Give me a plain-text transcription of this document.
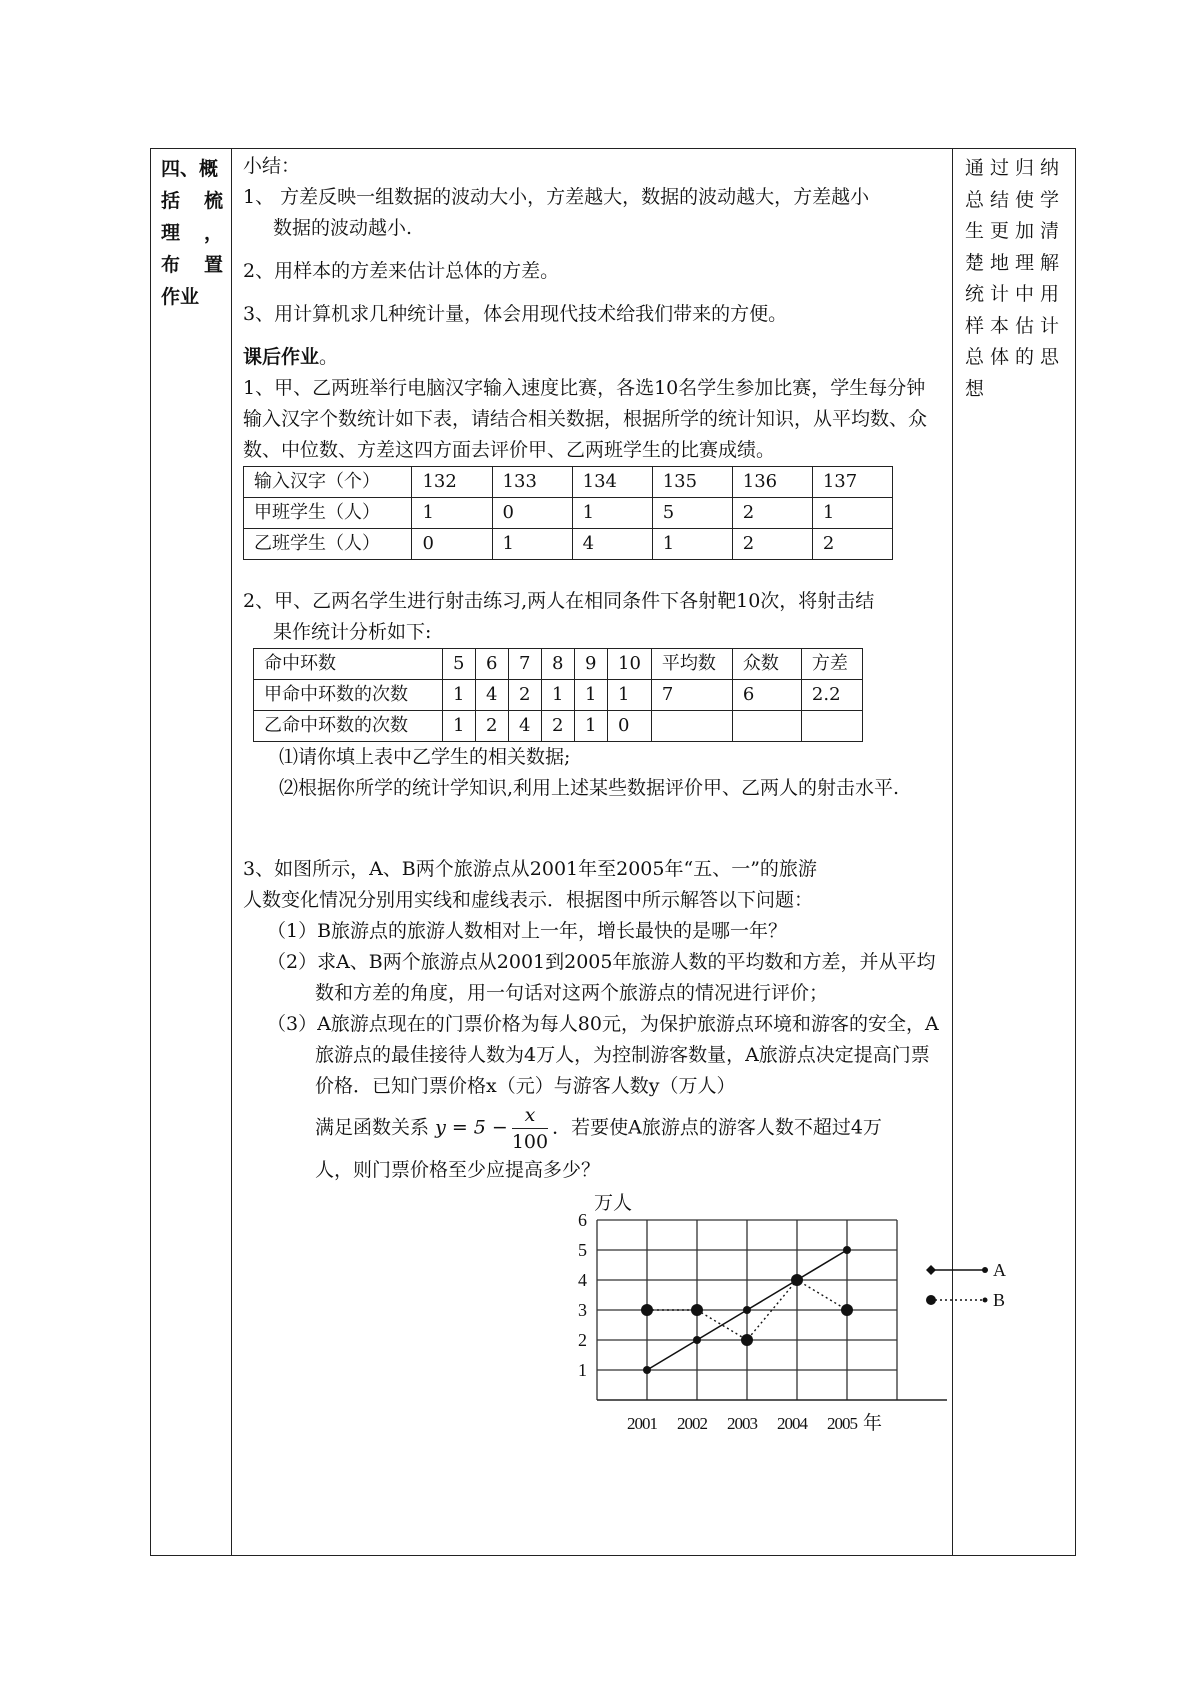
四、概
括 梳
理 ，
布 置
作业
通过归纳
总结使学
生更加清
楚地理解
统计中用
样本估计
总体的思
想

小结：

1、 方差反映一组数据的波动大小，方差越大，数据的波动越大，方差越小

数据的波动越小.

2、用样本的方差来估计总体的方差。

3、用计算机求几种统计量，体会用现代技术给我们带来的方便。

课后作业。

1、甲、乙两班举行电脑汉字输入速度比赛，各选10名学生参加比赛，学生每分钟输入汉字个数统计如下表，请结合相关数据，根据所学的统计知识，从平均数、众数、中位数、方差这四方面去评价甲、乙两班学生的比赛成绩。

输入汉字（个）	132	133	134	135	136	137
甲班学生（人）	1	0	1	5	2	1
乙班学生（人）	0	1	4	1	2	2

2、甲、乙两名学生进行射击练习,两人在相同条件下各射靶10次，将射击结

果作统计分析如下:

命中环数	5	6	7	8	9	10	平均数	众数	方差
甲命中环数的次数	1	4	2	1	1	1	7	6	2.2
乙命中环数的次数	1	2	4	2	1	0			

⑴请你填上表中乙学生的相关数据;

⑵根据你所学的统计学知识,利用上述某些数据评价甲、乙两人的射击水平.

3、如图所示，A、B两个旅游点从2001年至2005年“五、一”的旅游

人数变化情况分别用实线和虚线表示．根据图中所示解答以下问题：

（1）B旅游点的旅游人数相对上一年，增长最快的是哪一年？

（2）求A、B两个旅游点从2001到2005年旅游人数的平均数和方差，并从平均数和方差的角度，用一句话对这两个旅游点的情况进行评价；

（3）A旅游点现在的门票价格为每人80元，为保护旅游点环境和游客的安全，A旅游点的最佳接待人数为4万人，为控制游客数量，A旅游点决定提高门票价格．已知门票价格x（元）与游客人数y（万人）

满足函数关系 $y = 5 - \frac{x}{100}$ ．若要使A旅游点的游客人数不超过4万

人，则门票价格至少应提高多少？

1
2
3
4
5
6
2001 2002 2003 2004 2005
万人
年
A
B
